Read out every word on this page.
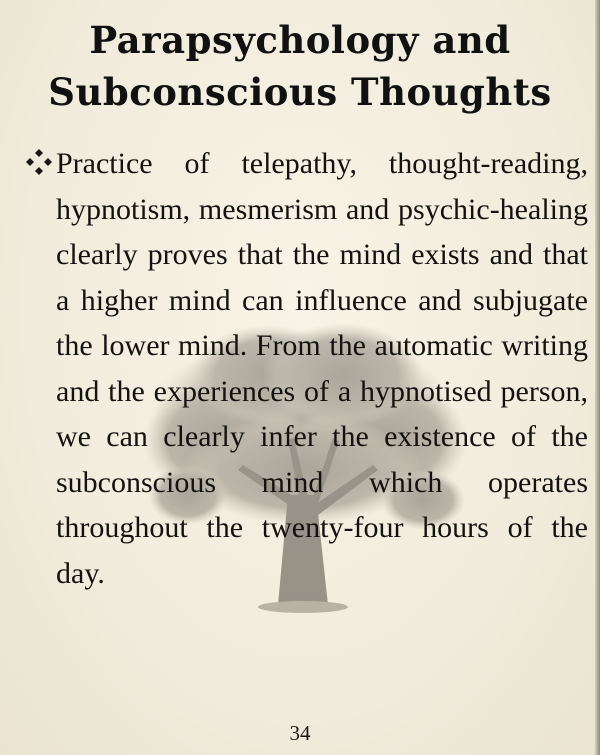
Parapsychology and
Subconscious Thoughts
Practice of telepathy, thought-reading, hypnotism, mesmerism and psychic-healing clearly proves that the mind exists and that a higher mind can influence and subjugate the lower mind. From the automatic writing and the experiences of a hypnotised person, we can clearly infer the existence of the subconscious mind which operates throughout the twenty-four hours of the day.
34
